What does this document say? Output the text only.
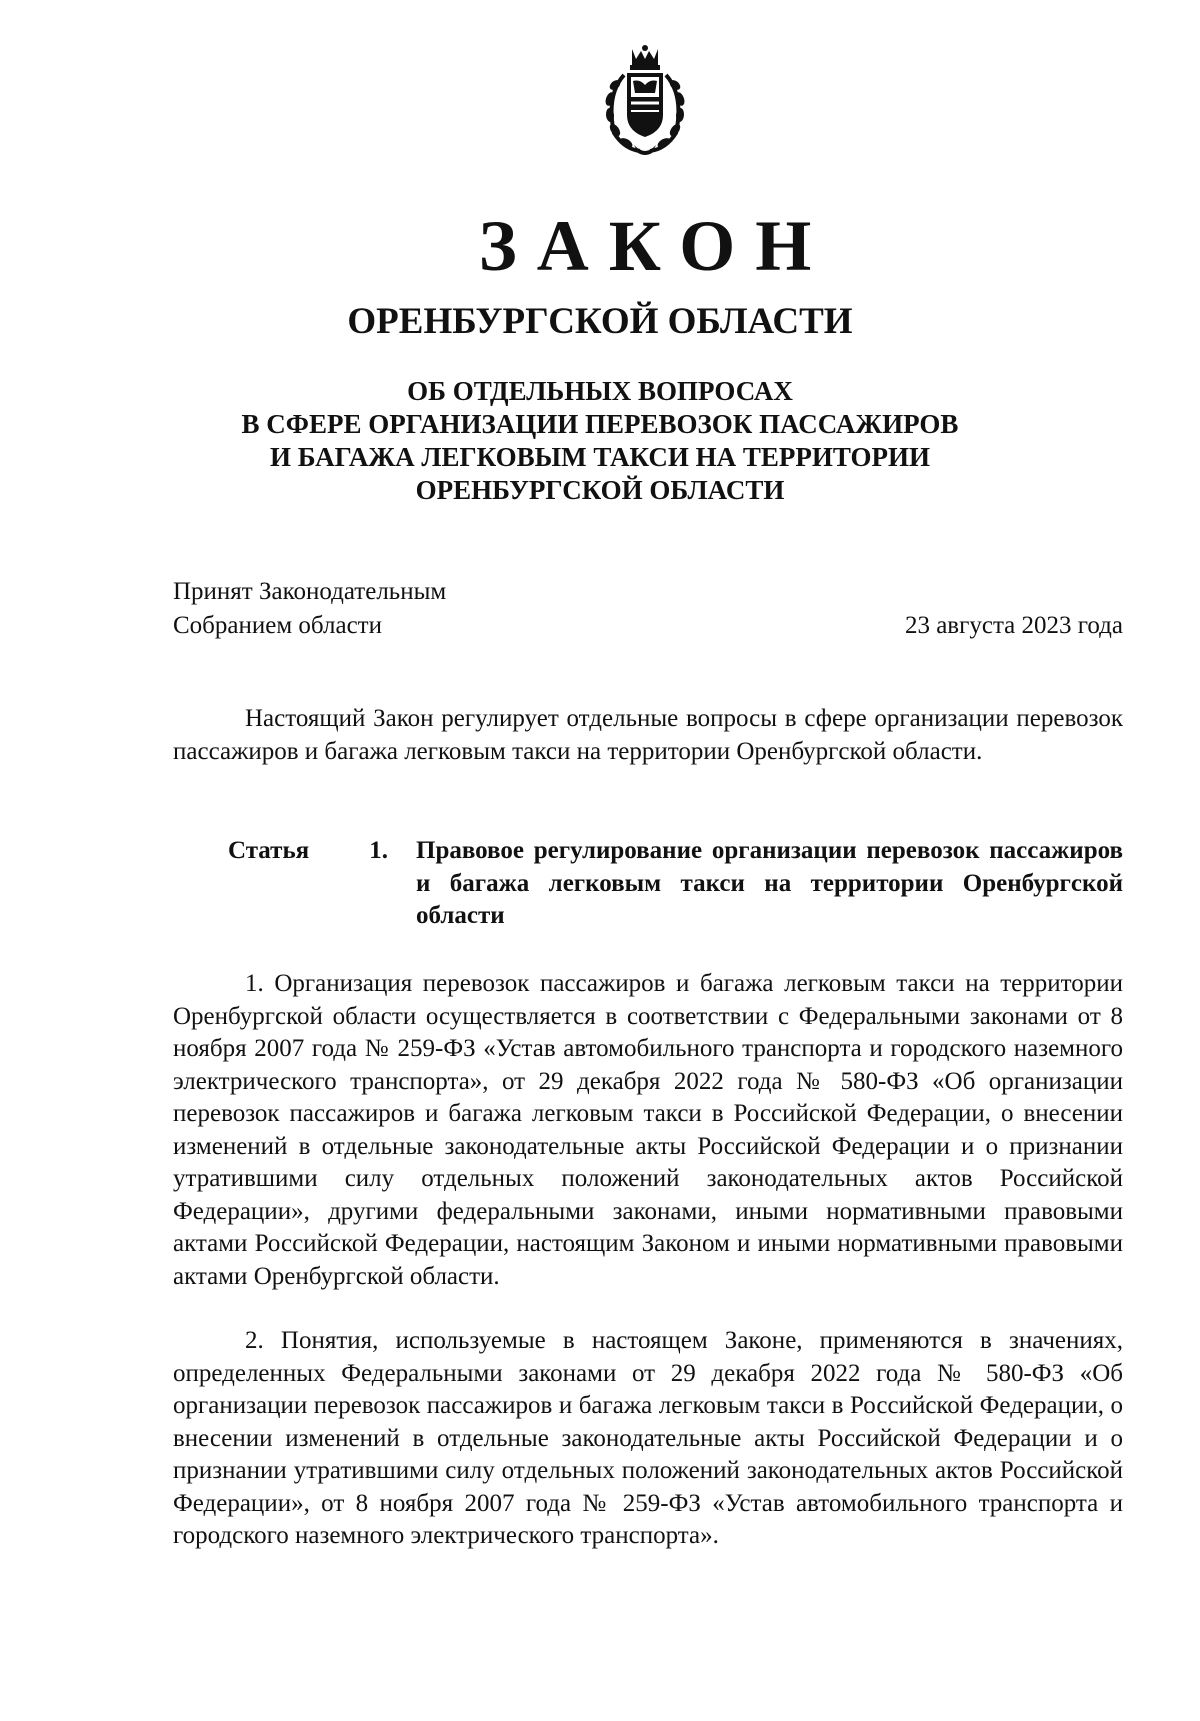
ЗАКОН
ОРЕНБУРГСКОЙ ОБЛАСТИ
ОБ ОТДЕЛЬНЫХ ВОПРОСАХ
В СФЕРЕ ОРГАНИЗАЦИИ ПЕРЕВОЗОК ПАССАЖИРОВ
И БАГАЖА ЛЕГКОВЫМ ТАКСИ НА ТЕРРИТОРИИ
ОРЕНБУРГСКОЙ ОБЛАСТИ
Принят Законодательным
Собранием области	23 августа 2023 года
Настоящий Закон регулирует отдельные вопросы в сфере организации перевозок пассажиров и багажа легковым такси на территории Оренбургской области.
Статья 1. Правовое регулирование организации перевозок пассажиров и багажа легковым такси на территории Оренбургской области
1. Организация перевозок пассажиров и багажа легковым такси на территории Оренбургской области осуществляется в соответствии с Федеральными законами от 8 ноября 2007 года № 259-ФЗ «Устав автомобильного транспорта и городского наземного электрического транспорта», от 29 декабря 2022 года № 580-ФЗ «Об организации перевозок пассажиров и багажа легковым такси в Российской Федерации, о внесении изменений в отдельные законодательные акты Российской Федерации и о признании утратившими силу отдельных положений законодательных актов Российской Федерации», другими федеральными законами, иными нормативными правовыми актами Российской Федерации, настоящим Законом и иными нормативными правовыми актами Оренбургской области.
2. Понятия, используемые в настоящем Законе, применяются в значениях, определенных Федеральными законами от 29 декабря 2022 года № 580-ФЗ «Об организации перевозок пассажиров и багажа легковым такси в Российской Федерации, о внесении изменений в отдельные законодательные акты Российской Федерации и о признании утратившими силу отдельных положений законодательных актов Российской Федерации», от 8 ноября 2007 года № 259-ФЗ «Устав автомобильного транспорта и городского наземного электрического транспорта».
